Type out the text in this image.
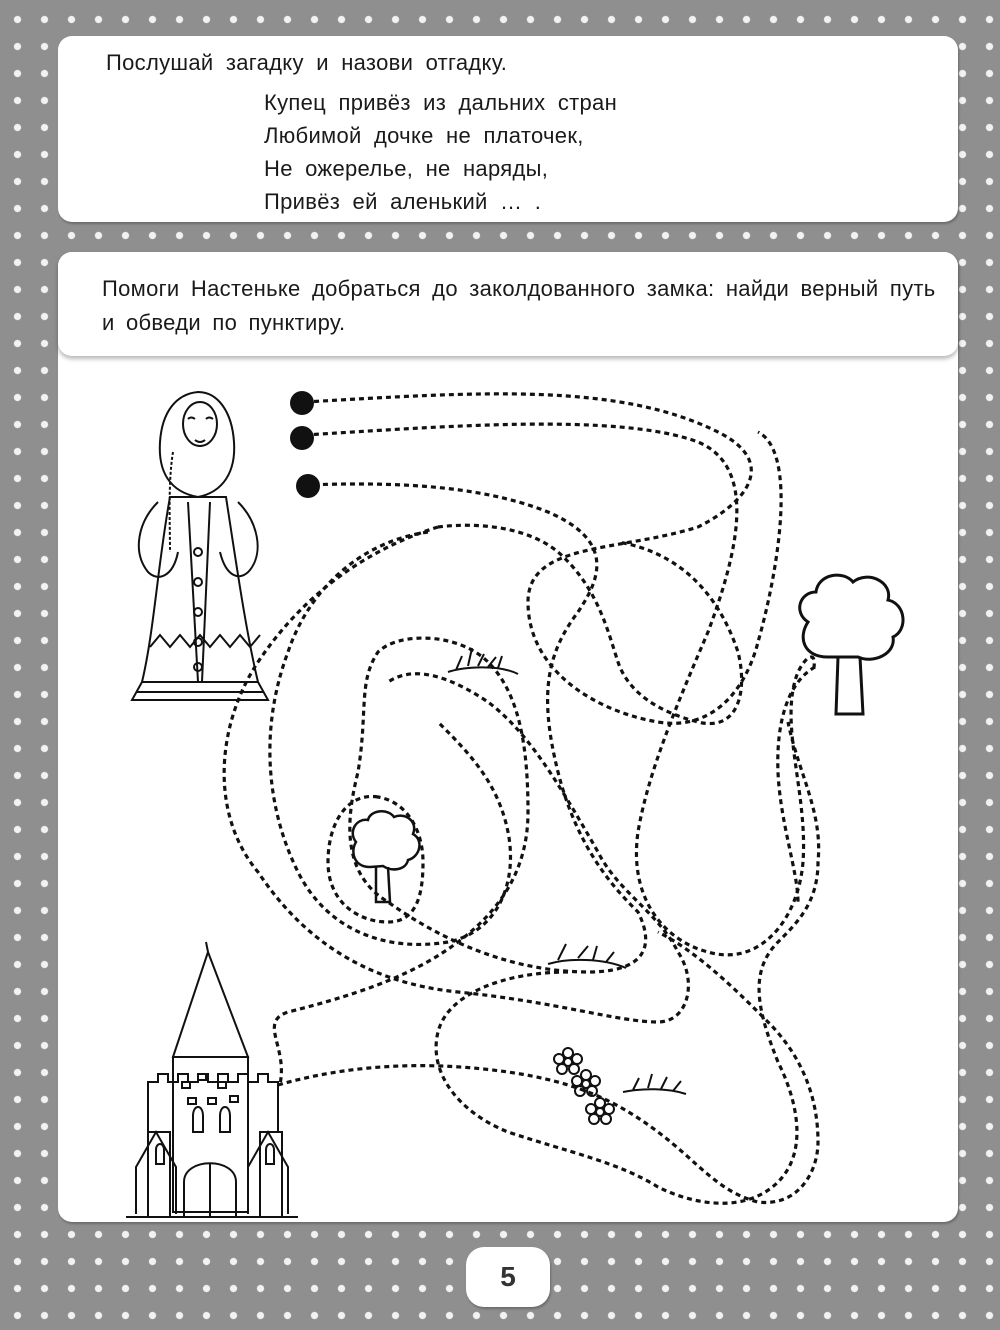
Послушай загадку и назови отгадку.
Купец привёз из дальних стран
Любимой дочке не платочек,
Не ожерелье, не наряды,
Привёз ей аленький … .
Помоги Настеньке добраться до заколдованного замка: найди верный путь и обведи по пунктиру.
5
